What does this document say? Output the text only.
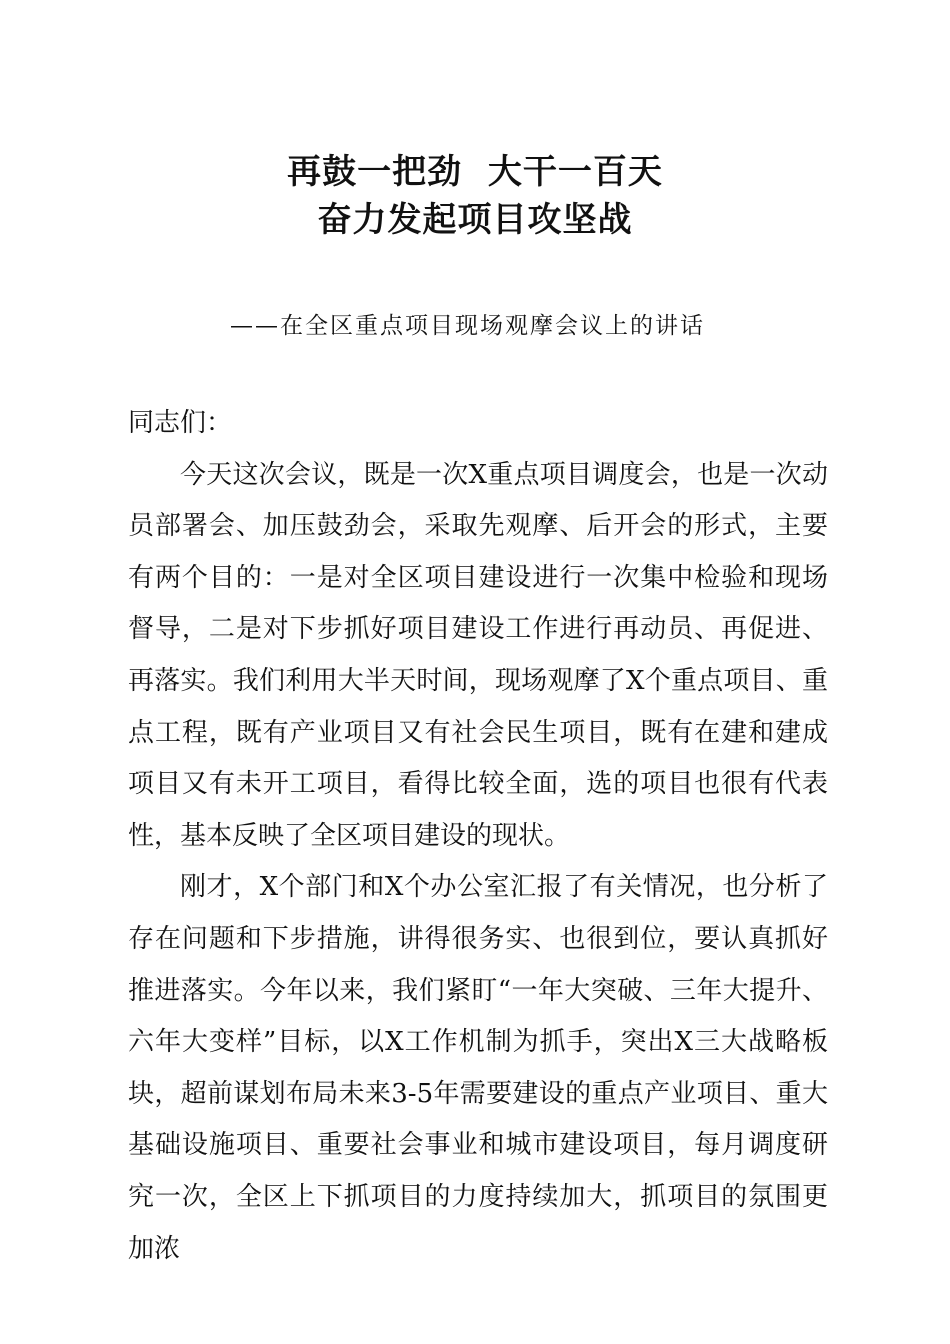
再鼓一把劲  大干一百天
奋力发起项目攻坚战
——在全区重点项目现场观摩会议上的讲话

同志们：

今天这次会议，既是一次X重点项目调度会，也是一次动员部署会、加压鼓劲会，采取先观摩、后开会的形式，主要有两个目的：一是对全区项目建设进行一次集中检验和现场督导，二是对下步抓好项目建设工作进行再动员、再促进、再落实。我们利用大半天时间，现场观摩了X个重点项目、重点工程，既有产业项目又有社会民生项目，既有在建和建成项目又有未开工项目，看得比较全面，选的项目也很有代表性，基本反映了全区项目建设的现状。

刚才，X个部门和X个办公室汇报了有关情况，也分析了存在问题和下步措施，讲得很务实、也很到位，要认真抓好推进落实。今年以来，我们紧盯“一年大突破、三年大提升、六年大变样”目标，以X工作机制为抓手，突出X三大战略板块，超前谋划布局未来3-5年需要建设的重点产业项目、重大基础设施项目、重要社会事业和城市建设项目，每月调度研究一次，全区上下抓项目的力度持续加大，抓项目的氛围更加浓
